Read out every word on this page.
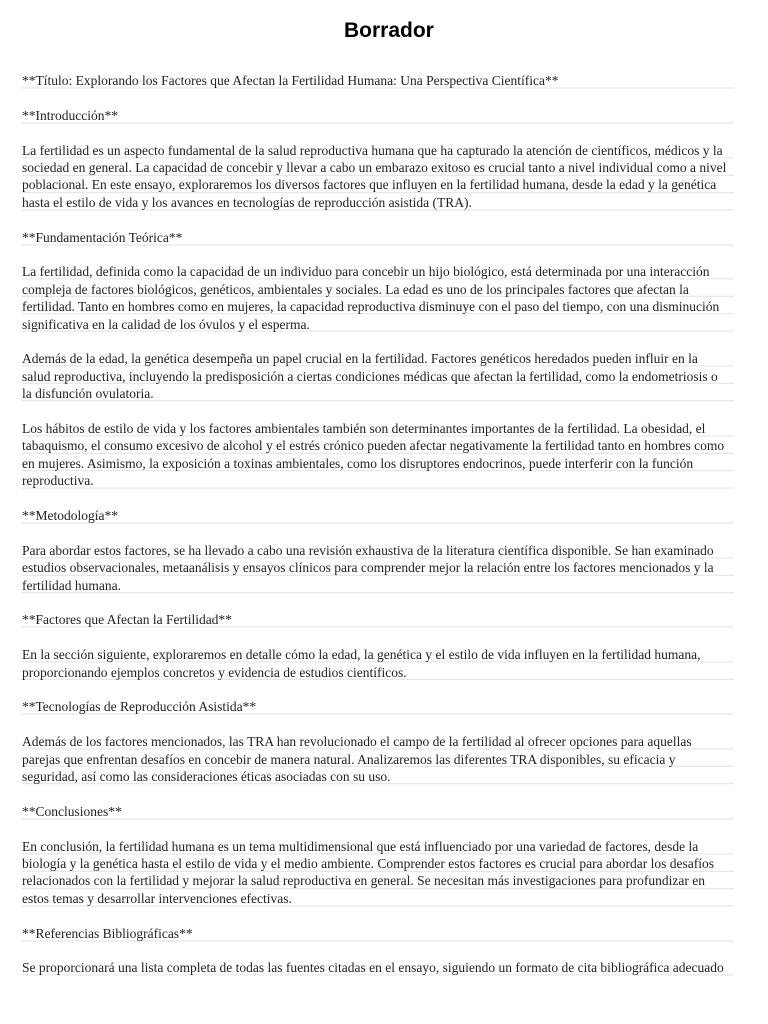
Borrador

**Título: Explorando los Factores que Afectan la Fertilidad Humana: Una Perspectiva Científica**

**Introducción**

La fertilidad es un aspecto fundamental de la salud reproductiva humana que ha capturado la atención de científicos, médicos y la sociedad en general. La capacidad de concebir y llevar a cabo un embarazo exitoso es crucial tanto a nivel individual como a nivel poblacional. En este ensayo, exploraremos los diversos factores que influyen en la fertilidad humana, desde la edad y la genética hasta el estilo de vida y los avances en tecnologías de reproducción asistida (TRA).

**Fundamentación Teórica**

La fertilidad, definida como la capacidad de un individuo para concebir un hijo biológico, está determinada por una interacción compleja de factores biológicos, genéticos, ambientales y sociales. La edad es uno de los principales factores que afectan la fertilidad. Tanto en hombres como en mujeres, la capacidad reproductiva disminuye con el paso del tiempo, con una disminución significativa en la calidad de los óvulos y el esperma.

Además de la edad, la genética desempeña un papel crucial en la fertilidad. Factores genéticos heredados pueden influir en la salud reproductiva, incluyendo la predisposición a ciertas condiciones médicas que afectan la fertilidad, como la endometriosis o la disfunción ovulatoria.

Los hábitos de estilo de vida y los factores ambientales también son determinantes importantes de la fertilidad. La obesidad, el tabaquismo, el consumo excesivo de alcohol y el estrés crónico pueden afectar negativamente la fertilidad tanto en hombres como en mujeres. Asimismo, la exposición a toxinas ambientales, como los disruptores endocrinos, puede interferir con la función reproductiva.

**Metodología**

Para abordar estos factores, se ha llevado a cabo una revisión exhaustiva de la literatura científica disponible. Se han examinado estudios observacionales, metaanálisis y ensayos clínicos para comprender mejor la relación entre los factores mencionados y la fertilidad humana.

**Factores que Afectan la Fertilidad**

En la sección siguiente, exploraremos en detalle cómo la edad, la genética y el estilo de vida influyen en la fertilidad humana, proporcionando ejemplos concretos y evidencia de estudios científicos.

**Tecnologías de Reproducción Asistida**

Además de los factores mencionados, las TRA han revolucionado el campo de la fertilidad al ofrecer opciones para aquellas parejas que enfrentan desafíos en concebir de manera natural. Analizaremos las diferentes TRA disponibles, su eficacia y seguridad, así como las consideraciones éticas asociadas con su uso.

**Conclusiones**

En conclusión, la fertilidad humana es un tema multidimensional que está influenciado por una variedad de factores, desde la biología y la genética hasta el estilo de vida y el medio ambiente. Comprender estos factores es crucial para abordar los desafíos relacionados con la fertilidad y mejorar la salud reproductiva en general. Se necesitan más investigaciones para profundizar en estos temas y desarrollar intervenciones efectivas.

**Referencias Bibliográficas**

Se proporcionará una lista completa de todas las fuentes citadas en el ensayo, siguiendo un formato de cita bibliográfica adecuado
